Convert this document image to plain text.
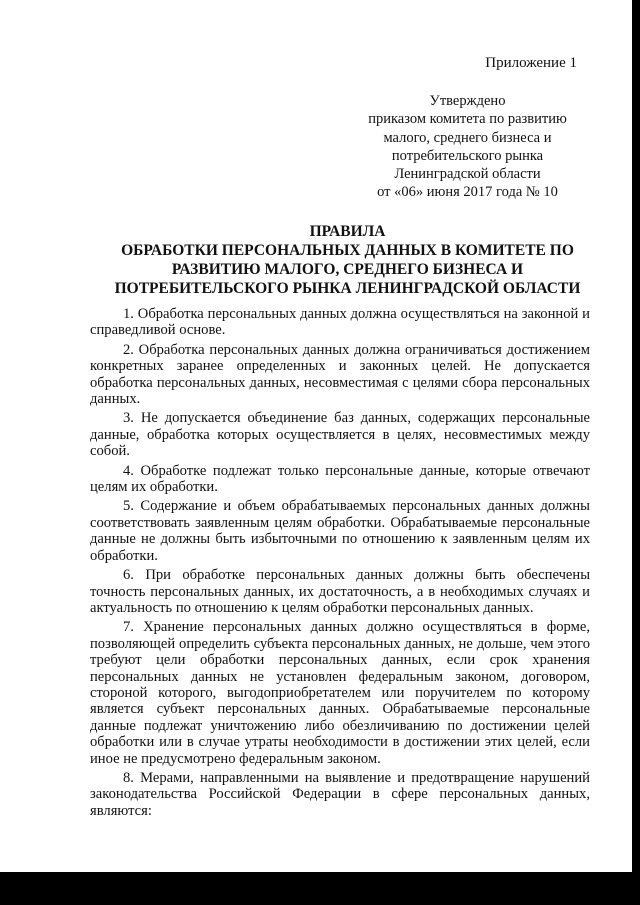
Приложение 1
Утверждено
приказом комитета по развитию
малого, среднего бизнеса и
потребительского рынка
Ленинградской области
от «06» июня 2017 года № 10
ПРАВИЛА
ОБРАБОТКИ ПЕРСОНАЛЬНЫХ ДАННЫХ В КОМИТЕТЕ ПО
РАЗВИТИЮ МАЛОГО, СРЕДНЕГО БИЗНЕСА И
ПОТРЕБИТЕЛЬСКОГО РЫНКА ЛЕНИНГРАДСКОЙ ОБЛАСТИ

1. Обработка персональных данных должна осуществляться на законной и справедливой основе.

2. Обработка персональных данных должна ограничиваться достижением конкретных заранее определенных и законных целей. Не допускается обработка персональных данных, несовместимая с целями сбора персональных данных.

3. Не допускается объединение баз данных, содержащих персональные данные, обработка которых осуществляется в целях, несовместимых между собой.

4. Обработке подлежат только персональные данные, которые отвечают целям их обработки.

5. Содержание и объем обрабатываемых персональных данных должны соответствовать заявленным целям обработки. Обрабатываемые персональные данные не должны быть избыточными по отношению к заявленным целям их обработки.

6. При обработке персональных данных должны быть обеспечены точность персональных данных, их достаточность, а в необходимых случаях и актуальность по отношению к целям обработки персональных данных.

7. Хранение персональных данных должно осуществляться в форме, позволяющей определить субъекта персональных данных, не дольше, чем этого требуют цели обработки персональных данных, если срок хранения персональных данных не установлен федеральным законом, договором, стороной которого, выгодоприобретателем или поручителем по которому является субъект персональных данных. Обрабатываемые персональные данные подлежат уничтожению либо обезличиванию по достижении целей обработки или в случае утраты необходимости в достижении этих целей, если иное не предусмотрено федеральным законом.

8. Мерами, направленными на выявление и предотвращение нарушений законодательства Российской Федерации в сфере персональных данных, являются:
